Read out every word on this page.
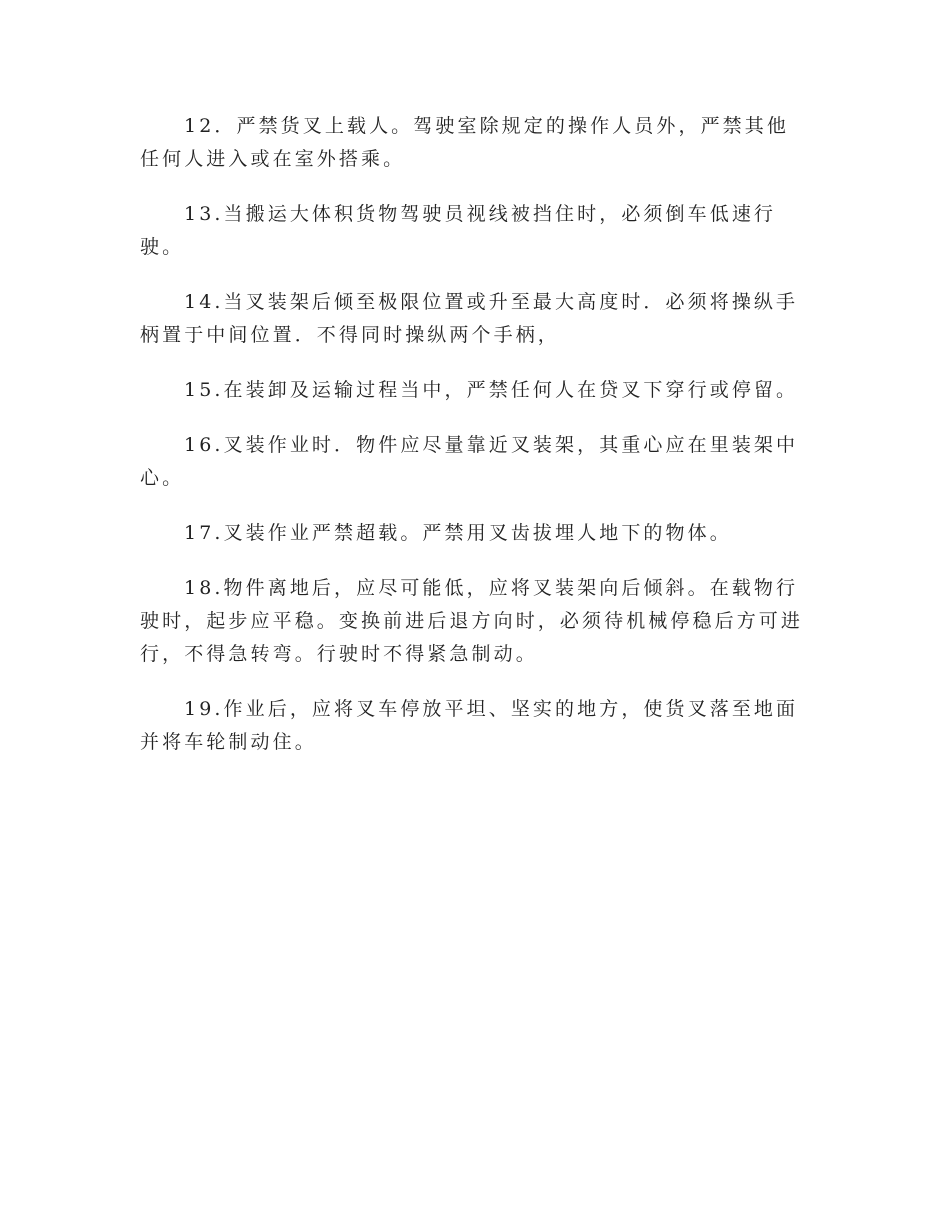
12．严禁货叉上载人。驾驶室除规定的操作人员外，严禁其他任何人进入或在室外搭乘。

13.当搬运大体积货物驾驶员视线被挡住时，必须倒车低速行驶。

14.当叉装架后倾至极限位置或升至最大高度时．必须将操纵手柄置于中间位置．不得同时操纵两个手柄，

15.在装卸及运输过程当中，严禁任何人在贷叉下穿行或停留。

16.叉装作业时．物件应尽量靠近叉装架，其重心应在里装架中心。

17.叉装作业严禁超载。严禁用叉齿拔埋人地下的物体。

18.物件离地后，应尽可能低，应将叉装架向后倾斜。在载物行驶时，起步应平稳。变换前进后退方向时，必须待机械停稳后方可进行，不得急转弯。行驶时不得紧急制动。

19.作业后，应将叉车停放平坦、坚实的地方，使货叉落至地面并将车轮制动住。
